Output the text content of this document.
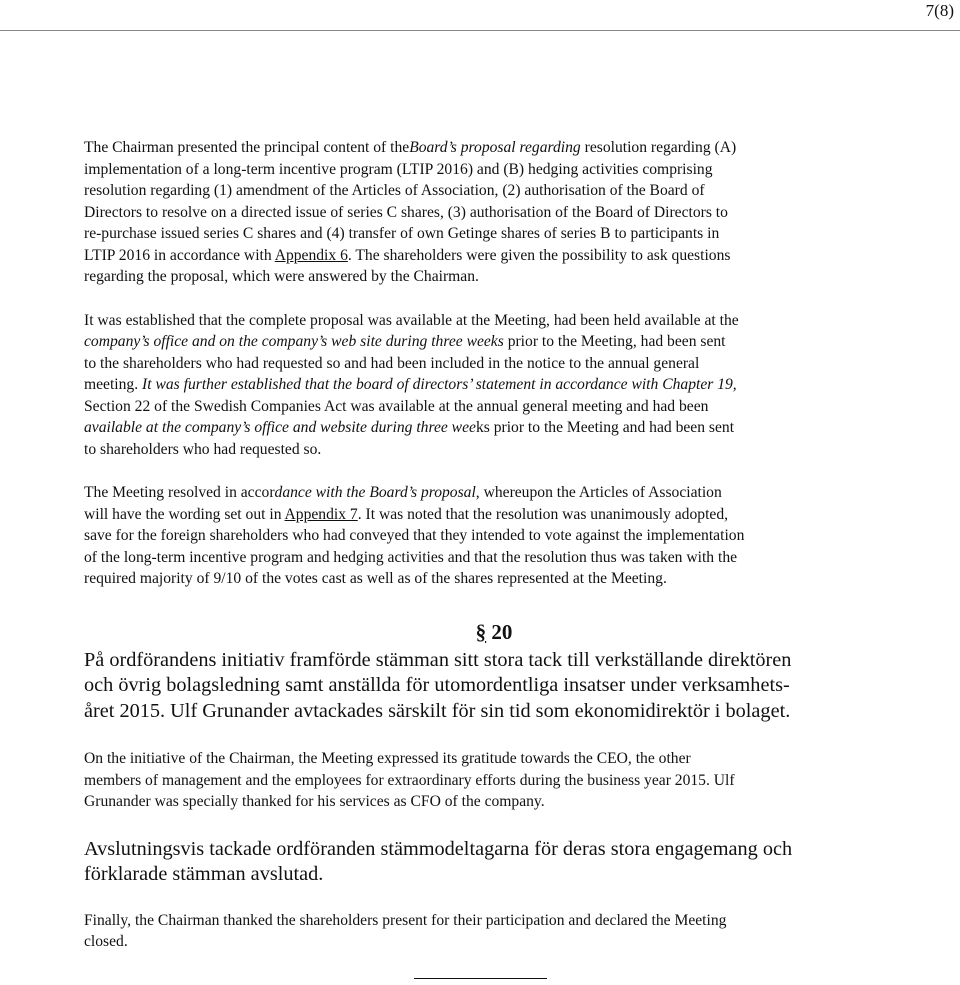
7(8)

The Chairman presented the principal content of theBoard’s proposal regarding resolution regarding (A)
implementation of a long-term incentive program (LTIP 2016) and (B) hedging activities comprising
resolution regarding (1) amendment of the Articles of Association, (2) authorisation of the Board of
Directors to resolve on a directed issue of series C shares, (3) authorisation of the Board of Directors to
re-purchase issued series C shares and (4) transfer of own Getinge shares of series B to participants in
LTIP 2016 in accordance with Appendix 6. The shareholders were given the possibility to ask questions
regarding the proposal, which were answered by the Chairman.

It was established that the complete proposal was available at the Meeting, had been held available at the
company’s office and on the company’s web site during three weeks prior to the Meeting, had been sent
to the shareholders who had requested so and had been included in the notice to the annual general
meeting. It was further established that the board of directors’ statement in accordance with Chapter 19,
Section 22 of the Swedish Companies Act was available at the annual general meeting and had been
available at the company’s office and website during three weeks prior to the Meeting and had been sent
to shareholders who had requested so.

The Meeting resolved in accordance with the Board’s proposal, whereupon the Articles of Association
will have the wording set out in Appendix 7. It was noted that the resolution was unanimously adopted,
save for the foreign shareholders who had conveyed that they intended to vote against the implementation
of the long-term incentive program and hedging activities and that the resolution thus was taken with the
required majority of 9/10 of the votes cast as well as of the shares represented at the Meeting.

§ 20

På ordförandens initiativ framförde stämman sitt stora tack till verkställande direktören
och övrig bolagsledning samt anställda för utomordentliga insatser under verksamhets-
året 2015. Ulf Grunander avtackades särskilt för sin tid som ekonomidirektör i bolaget.

On the initiative of the Chairman, the Meeting expressed its gratitude towards the CEO, the other
members of management and the employees for extraordinary efforts during the business year 2015. Ulf
Grunander was specially thanked for his services as CFO of the company.

Avslutningsvis tackade ordföranden stämmodeltagarna för deras stora engagemang och
förklarade stämman avslutad.

Finally, the Chairman thanked the shareholders present for their participation and declared the Meeting
closed.
